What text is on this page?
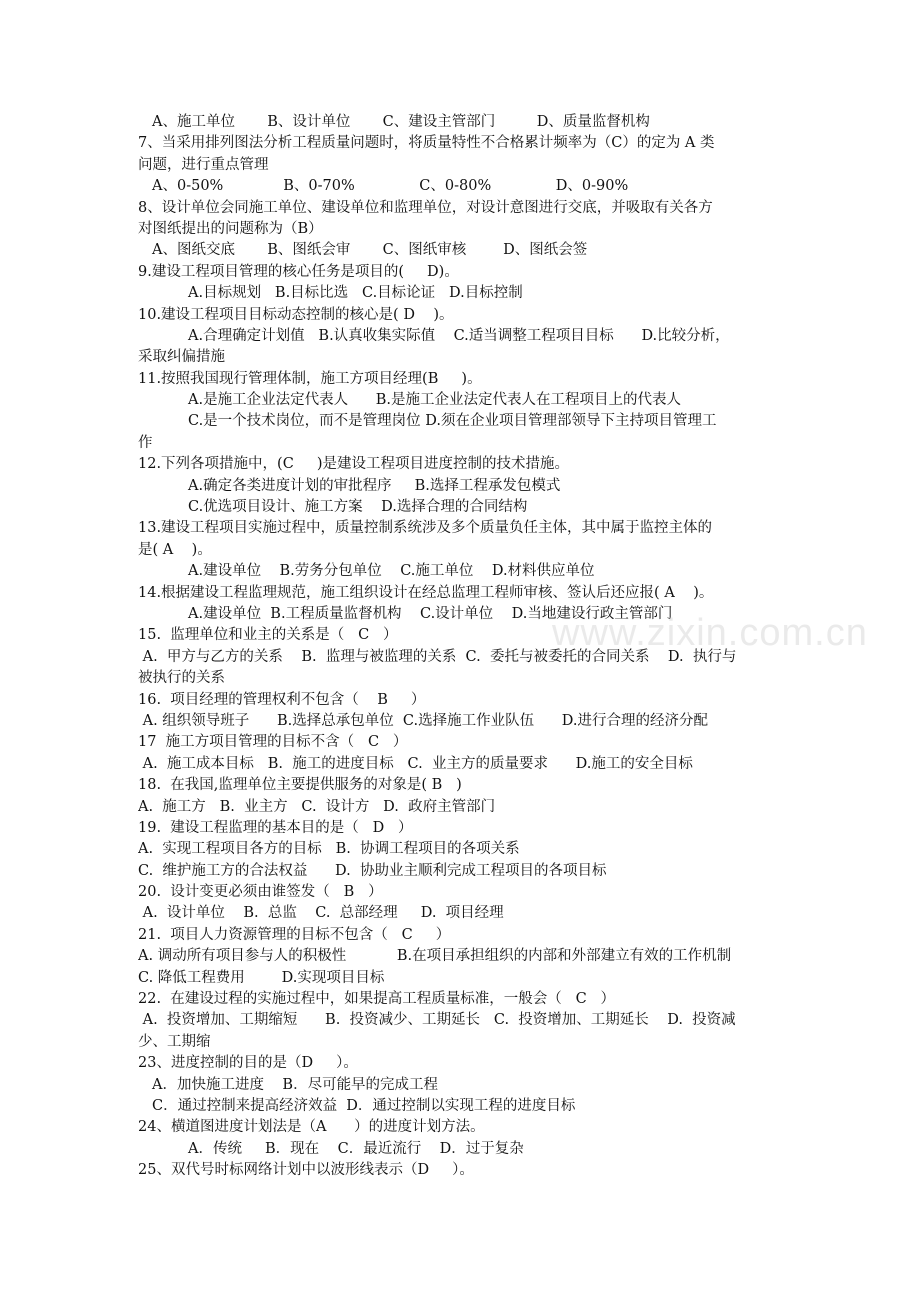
A、施工单位       B、设计单位       C、建设主管部门         D、质量监督机构
7、当采用排列图法分析工程质量问题时，将质量特性不合格累计频率为（C）的定为 A 类
问题，进行重点管理
A、0-50%             B、0-70%              C、0-80%              D、0-90%
8、设计单位会同施工单位、建设单位和监理单位，对设计意图进行交底，并吸取有关各方
对图纸提出的问题称为（B）
A、图纸交底       B、图纸会审       C、图纸审核        D、图纸会签
9.建设工程项目管理的核心任务是项目的(     D)。
A.目标规划   B.目标比选   C.目标论证   D.目标控制
10.建设工程项目目标动态控制的核心是( D    )。
A.合理确定计划值   B.认真收集实际值    C.适当调整工程项目目标      D.比较分析，
采取纠偏措施
11.按照我国现行管理体制，施工方项目经理(B     )。
A.是施工企业法定代表人      B.是施工企业法定代表人在工程项目上的代表人
C.是一个技术岗位，而不是管理岗位 D.须在企业项目管理部领导下主持项目管理工
作
12.下列各项措施中，(C     )是建设工程项目进度控制的技术措施。
A.确定各类进度计划的审批程序     B.选择工程承发包模式
C.优选项目设计、施工方案    D.选择合理的合同结构
13.建设工程项目实施过程中，质量控制系统涉及多个质量负任主体，其中属于监控主体的
是( A    )。
A.建设单位    B.劳务分包单位    C.施工单位    D.材料供应单位
14.根据建设工程监理规范，施工组织设计在经总监理工程师审核、签认后还应报( A    )。
A.建设单位  B.工程质量监督机构    C.设计单位    D.当地建设行政主管部门
15.  监理单位和业主的关系是（   C   ）
A.  甲方与乙方的关系    B.  监理与被监理的关系  C.  委托与被委托的合同关系    D.  执行与
被执行的关系
16.  项目经理的管理权利不包含（    B     ）
A. 组织领导班子      B.选择总承包单位  C.选择施工作业队伍      D.进行合理的经济分配
17  施工方项目管理的目标不含（   C   ）
A.  施工成本目标   B.  施工的进度目标   C.  业主方的质量要求      D.施工的安全目标
18.  在我国,监理单位主要提供服务的对象是( B   )
A.  施工方   B.  业主方   C.  设计方   D.  政府主管部门
19.  建设工程监理的基本目的是（   D   ）
A.  实现工程项目各方的目标   B.  协调工程项目的各项关系
C.  维护施工方的合法权益      D.  协助业主顺利完成工程项目的各项目标
20.  设计变更必须由谁签发（   B   ）
A.  设计单位    B.  总监    C.  总部经理     D.  项目经理
21.  项目人力资源管理的目标不包含（   C     ）
A. 调动所有项目参与人的积极性           B.在项目承担组织的内部和外部建立有效的工作机制
C. 降低工程费用        D.实现项目目标
22.  在建设过程的实施过程中，如果提高工程质量标准，一般会（   C   ）
A.  投资增加、工期缩短      B.  投资减少、工期延长   C.  投资增加、工期延长    D.  投资减
少、工期缩
23、进度控制的目的是（D     ）。
A．加快施工进度    B．尽可能早的完成工程
C．通过控制来提高经济效益  D．通过控制以实现工程的进度目标
24、横道图进度计划法是（A      ）的进度计划方法。
A．传统     B．现在    C．最近流行    D．过于复杂
25、双代号时标网络计划中以波形线表示（D     ）。
www.zixin.com.cn
